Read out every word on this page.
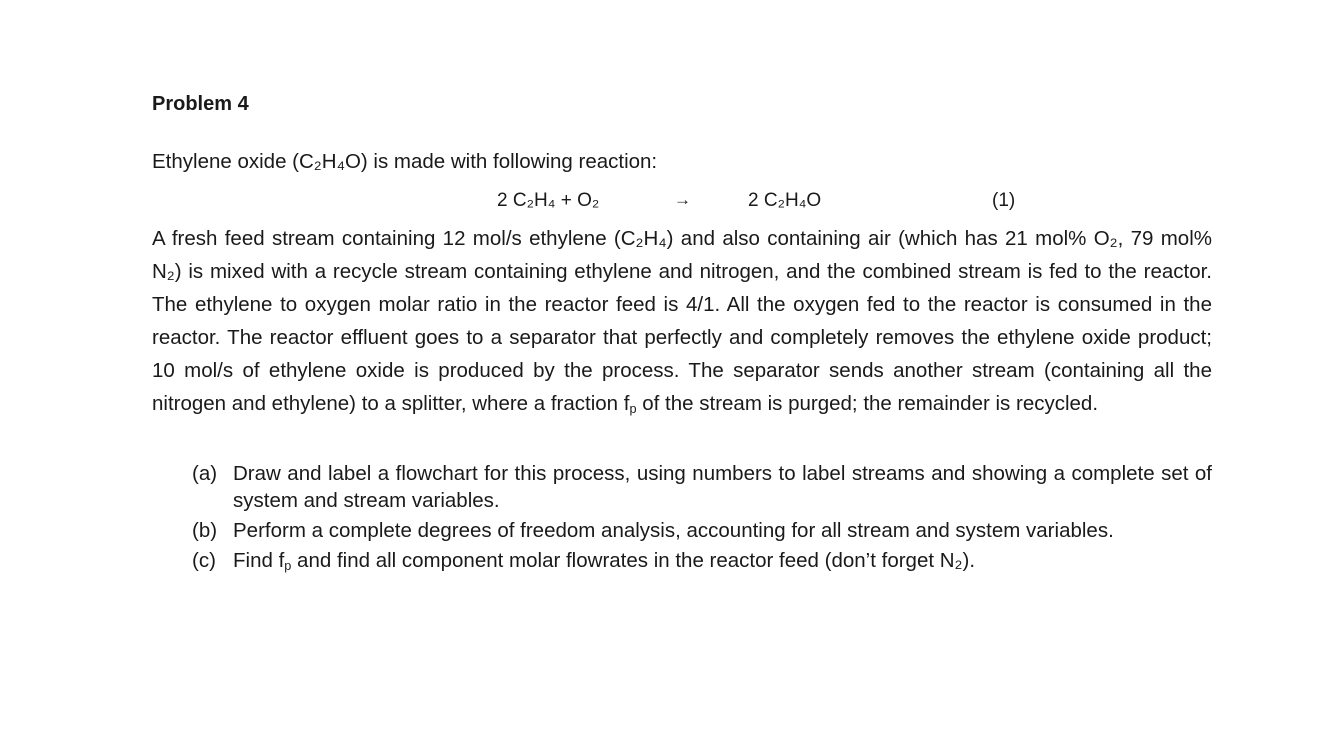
Problem 4
Ethylene oxide (C₂H₄O) is made with following reaction:
2 C₂H₄ + O₂	→	2 C₂H₄O	(1)

A fresh feed stream containing 12 mol/s ethylene (C₂H₄) and also containing air (which has 21 mol% O₂, 79 mol% N₂) is mixed with a recycle stream containing ethylene and nitrogen, and the combined stream is fed to the reactor. The ethylene to oxygen molar ratio in the reactor feed is 4/1. All the oxygen fed to the reactor is consumed in the reactor. The reactor effluent goes to a separator that perfectly and completely removes the ethylene oxide product; 10 mol/s of ethylene oxide is produced by the process. The separator sends another stream (containing all the nitrogen and ethylene) to a splitter, where a fraction $f_p$ of the stream is purged; the remainder is recycled.

(a) Draw and label a flowchart for this process, using numbers to label streams and showing a complete set of system and stream variables.
(b) Perform a complete degrees of freedom analysis, accounting for all stream and system variables.
(c) Find $f_p$ and find all component molar flowrates in the reactor feed (don’t forget N₂).
